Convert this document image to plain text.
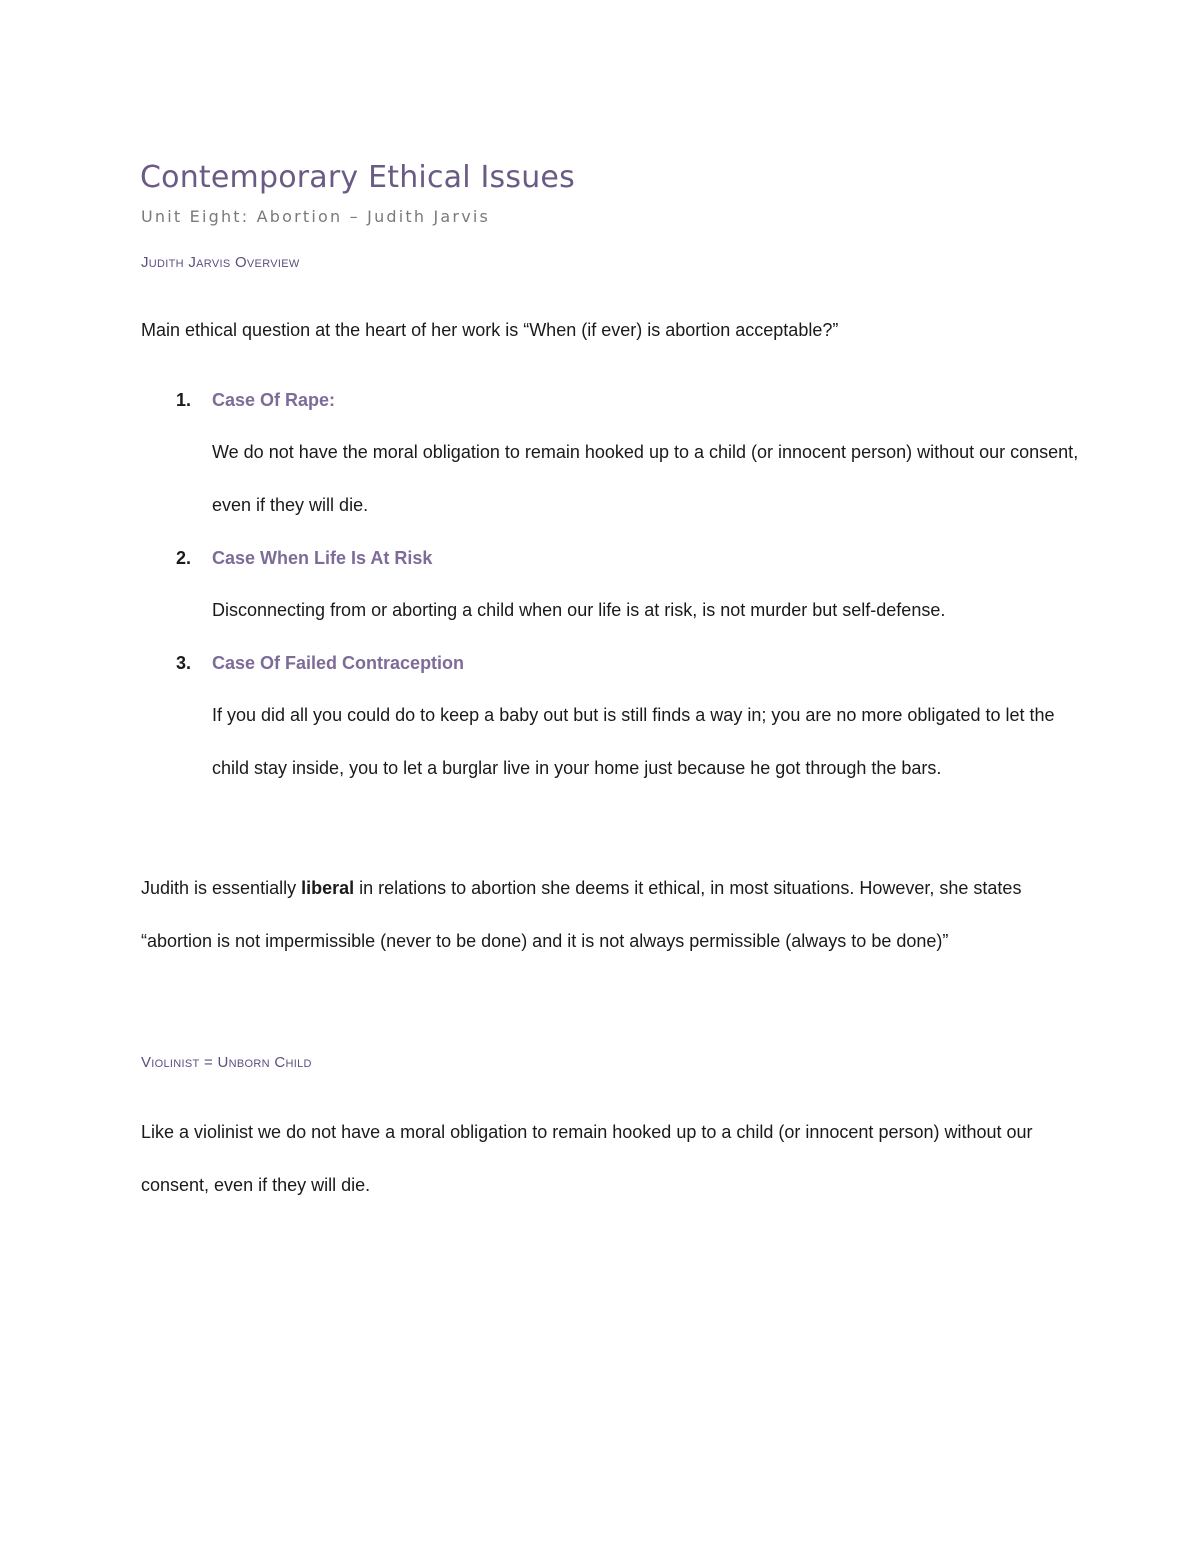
Contemporary Ethical Issues
Unit Eight: Abortion – Judith Jarvis
Judith Jarvis Overview

Main ethical question at the heart of her work is “When (if ever) is abortion acceptable?”

1. Case Of Rape:

We do not have the moral obligation to remain hooked up to a child (or innocent person) without our consent, even if they will die.

2. Case When Life Is At Risk

Disconnecting from or aborting a child when our life is at risk, is not murder but self-defense.

3. Case Of Failed Contraception

If you did all you could do to keep a baby out but is still finds a way in; you are no more obligated to let the child stay inside, you to let a burglar live in your home just because he got through the bars.

Judith is essentially liberal in relations to abortion she deems it ethical, in most situations. However, she states “abortion is not impermissible (never to be done) and it is not always permissible (always to be done)”

Violinist = Unborn Child

Like a violinist we do not have a moral obligation to remain hooked up to a child (or innocent person) without our consent, even if they will die.
